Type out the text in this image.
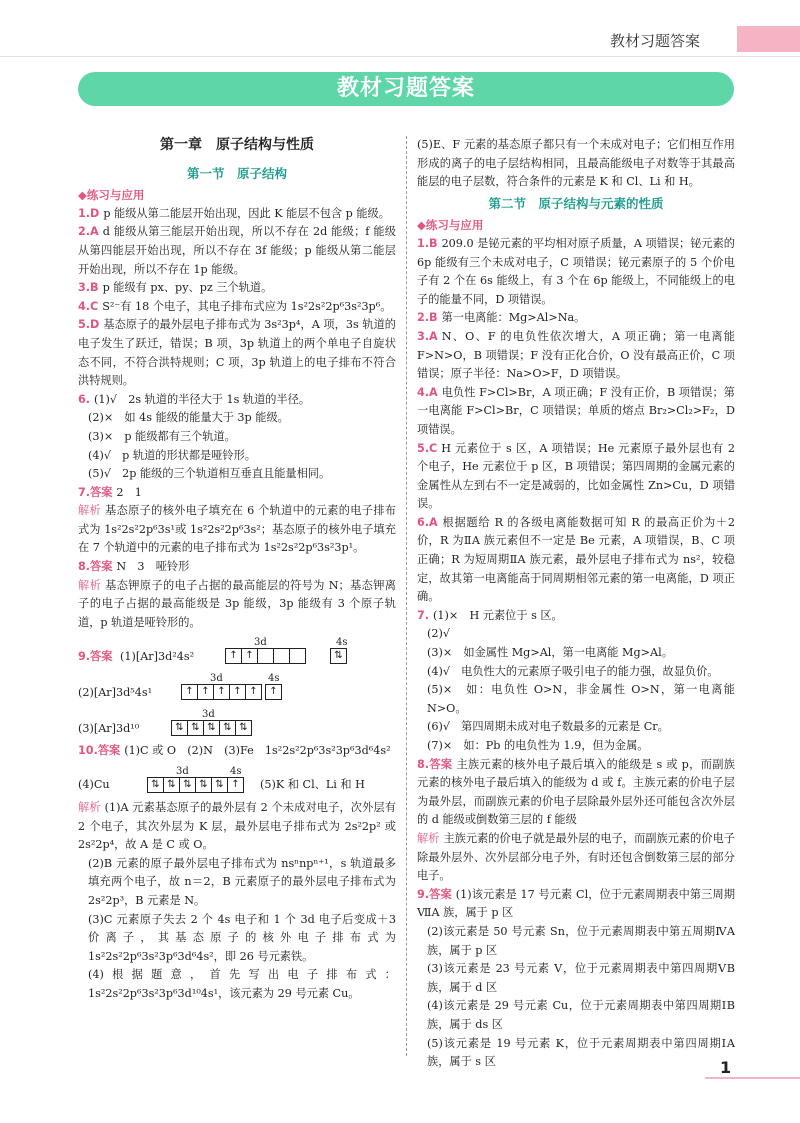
教材习题答案
教材习题答案
第一章　原子结构与性质
第一节　原子结构
◆练习与应用

1.D p 能级从第二能层开始出现，因此 K 能层不包含 p 能级。

2.A d 能级从第三能层开始出现，所以不存在 2d 能级；f 能级从第四能层开始出现，所以不存在 3f 能级；p 能级从第二能层开始出现，所以不存在 1p 能级。

3.B p 能级有 px、py、pz 三个轨道。

4.C S²⁻有 18 个电子，其电子排布式应为 1s²2s²2p⁶3s²3p⁶。

5.D 基态原子的最外层电子排布式为 3s²3p⁴，A 项，3s 轨道的电子发生了跃迁，错误；B 项，3p 轨道上的两个单电子自旋状态不同，不符合洪特规则；C 项，3p 轨道上的电子排布不符合洪特规则。

6. (1)√　2s 轨道的半径大于 1s 轨道的半径。

(2)×　如 4s 能级的能量大于 3p 能级。

(3)×　p 能级都有三个轨道。

(4)√　p 轨道的形状都是哑铃形。

(5)√　2p 能级的三个轨道相互垂直且能量相同。

7.答案 2　1

解析 基态原子的核外电子填充在 6 个轨道中的元素的电子排布式为 1s²2s²2p⁶3s¹或 1s²2s²2p⁶3s²；基态原子的核外电子填充在 7 个轨道中的元素的电子排布式为 1s²2s²2p⁶3s²3p¹。

8.答案 N　3　哑铃形

解析 基态钾原子的电子占据的最高能层的符号为 N；基态钾离子的电子占据的最高能级是 3p 能级，3p 能级有 3 个原子轨道，p 轨道是哑铃形的。

9.答案 (1)[Ar]3d²4s²
3d	4s
↑ ↑	⇅
(2)[Ar]3d⁵4s¹
3d	4s
↑ ↑ ↑ ↑ ↑	↑
(3)[Ar]3d¹⁰
3d
⇅ ⇅ ⇅ ⇅ ⇅

10.答案 (1)C 或 O　(2)N　(3)Fe　1s²2s²2p⁶3s²3p⁶3d⁶4s²

(4)Cu
3d	4s
⇅ ⇅ ⇅ ⇅ ⇅ ↑	(5)K 和 Cl、Li 和 H

解析 (1)A 元素基态原子的最外层有 2 个未成对电子，次外层有 2 个电子，其次外层为 K 层，最外层电子排布式为 2s²2p² 或 2s²2p⁴，故 A 是 C 或 O。

(2)B 元素的原子最外层电子排布式为 nsⁿnpⁿ⁺¹，s 轨道最多填充两个电子，故 n＝2，B 元素原子的最外层电子排布式为 2s²2p³，B 元素是 N。

(3)C 元素原子失去 2 个 4s 电子和 1 个 3d 电子后变成＋3 价离子，其基态原子的核外电子排布式为 1s²2s²2p⁶3s²3p⁶3d⁶4s²，即 26 号元素铁。

(4)根据题意，首先写出电子排布式：1s²2s²2p⁶3s²3p⁶3d¹⁰4s¹，该元素为 29 号元素 Cu。

(5)E、F 元素的基态原子都只有一个未成对电子；它们相互作用形成的离子的电子层结构相同，且最高能级电子对数等于其最高能层的电子层数，符合条件的元素是 K 和 Cl、Li 和 H。

第二节　原子结构与元素的性质
◆练习与应用

1.B 209.0 是铋元素的平均相对原子质量，A 项错误；铋元素的 6p 能级有三个未成对电子，C 项错误；铋元素原子的 5 个价电子有 2 个在 6s 能级上，有 3 个在 6p 能级上，不同能级上的电子的能量不同，D 项错误。

2.B 第一电离能：Mg>Al>Na。

3.A N、O、F 的电负性依次增大，A 项正确；第一电离能 F>N>O，B 项错误；F 没有正化合价，O 没有最高正价，C 项错误；原子半径：Na>O>F，D 项错误。

4.A 电负性 F>Cl>Br，A 项正确；F 没有正价，B 项错误；第一电离能 F>Cl>Br，C 项错误；单质的熔点 Br₂>Cl₂>F₂，D 项错误。

5.C H 元素位于 s 区，A 项错误；He 元素原子最外层也有 2 个电子，He 元素位于 p 区，B 项错误；第四周期的金属元素的金属性从左到右不一定是减弱的，比如金属性 Zn>Cu，D 项错误。

6.A 根据题给 R 的各级电离能数据可知 R 的最高正价为＋2 价，R 为ⅡA 族元素但不一定是 Be 元素，A 项错误，B、C 项正确；R 为短周期ⅡA 族元素，最外层电子排布式为 ns²，较稳定，故其第一电离能高于同周期相邻元素的第一电离能，D 项正确。

7. (1)×　H 元素位于 s 区。

(2)√

(3)×　如金属性 Mg>Al，第一电离能 Mg>Al。

(4)√　电负性大的元素原子吸引电子的能力强，故显负价。

(5)×　如：电负性 O>N，非金属性 O>N，第一电离能 N>O。

(6)√　第四周期未成对电子数最多的元素是 Cr。

(7)×　如：Pb 的电负性为 1.9，但为金属。

8.答案 主族元素的核外电子最后填入的能级是 s 或 p，而副族元素的核外电子最后填入的能级为 d 或 f。主族元素的价电子层为最外层，而副族元素的价电子层除最外层外还可能包含次外层的 d 能级或倒数第三层的 f 能级

解析 主族元素的价电子就是最外层的电子，而副族元素的价电子除最外层外、次外层部分电子外，有时还包含倒数第三层的部分电子。

9.答案 (1)该元素是 17 号元素 Cl，位于元素周期表中第三周期ⅦA 族，属于 p 区

(2)该元素是 50 号元素 Sn，位于元素周期表中第五周期ⅣA 族，属于 p 区

(3)该元素是 23 号元素 V，位于元素周期表中第四周期ⅤB 族，属于 d 区

(4)该元素是 29 号元素 Cu，位于元素周期表中第四周期ⅠB 族，属于 ds 区

(5)该元素是 19 号元素 K，位于元素周期表中第四周期ⅠA 族，属于 s 区	1
